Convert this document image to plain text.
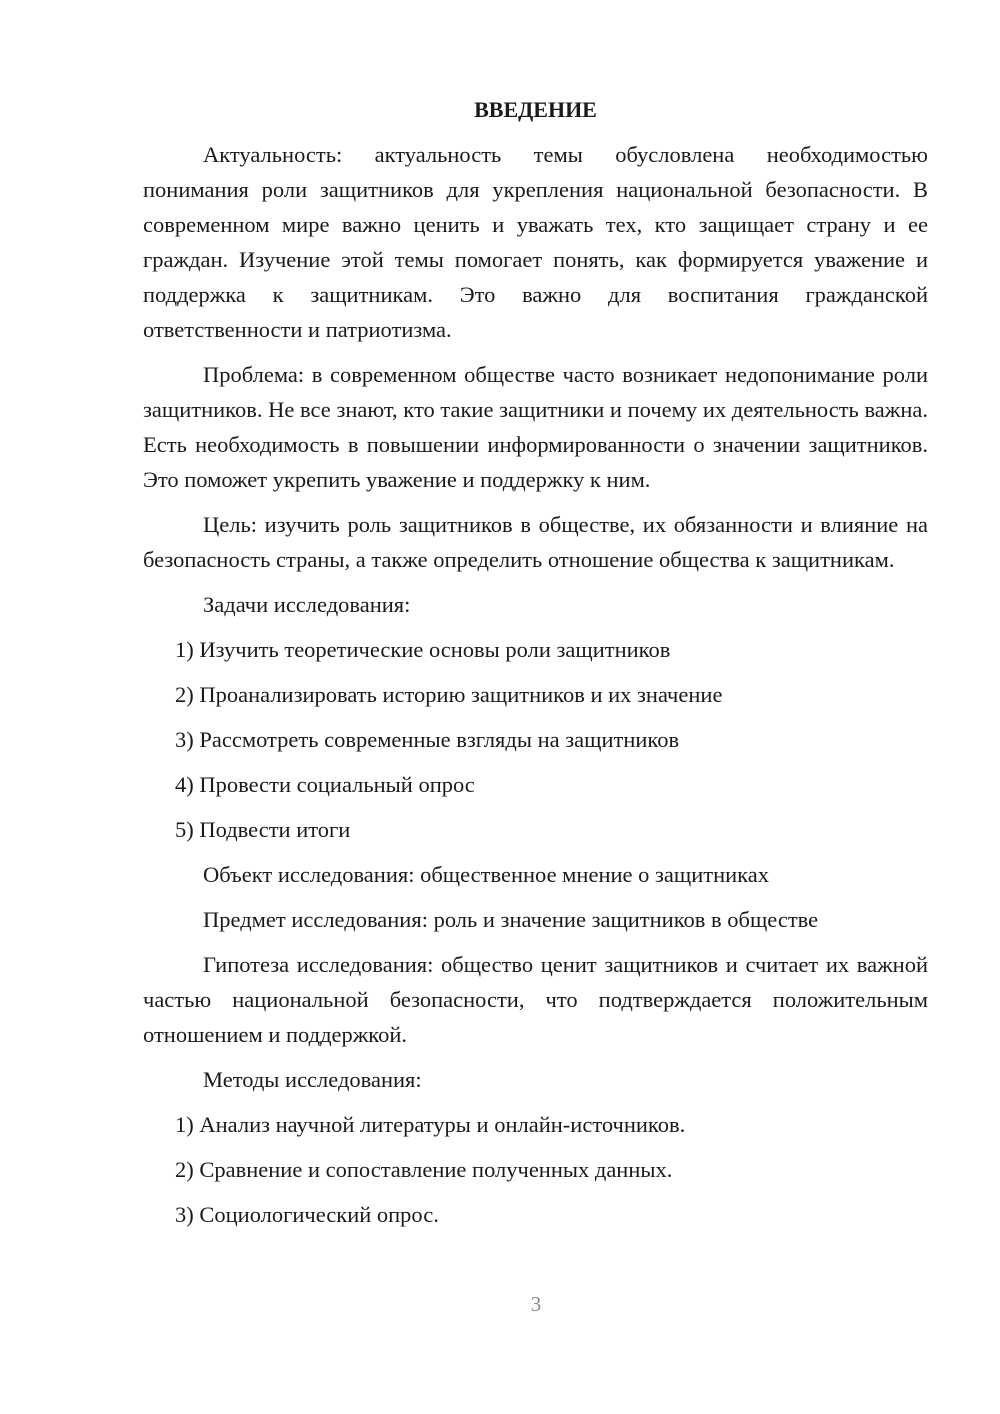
ВВЕДЕНИЕ

Актуальность: актуальность темы обусловлена необходимостью понимания роли защитников для укрепления национальной безопасности. В современном мире важно ценить и уважать тех, кто защищает страну и ее граждан. Изучение этой темы помогает понять, как формируется уважение и поддержка к защитникам. Это важно для воспитания гражданской ответственности и патриотизма.

Проблема: в современном обществе часто возникает недопонимание роли защитников. Не все знают, кто такие защитники и почему их деятельность важна. Есть необходимость в повышении информированности о значении защитников. Это поможет укрепить уважение и поддержку к ним.

Цель: изучить роль защитников в обществе, их обязанности и влияние на безопасность страны, а также определить отношение общества к защитникам.

Задачи исследования:

1) Изучить теоретические основы роли защитников

2) Проанализировать историю защитников и их значение

3) Рассмотреть современные взгляды на защитников

4) Провести социальный опрос

5) Подвести итоги

Объект исследования: общественное мнение о защитниках

Предмет исследования: роль и значение защитников в обществе

Гипотеза исследования: общество ценит защитников и считает их важной частью национальной безопасности, что подтверждается положительным отношением и поддержкой.

Методы исследования:

1) Анализ научной литературы и онлайн-источников.

2) Сравнение и сопоставление полученных данных.

3) Социологический опрос.

3
